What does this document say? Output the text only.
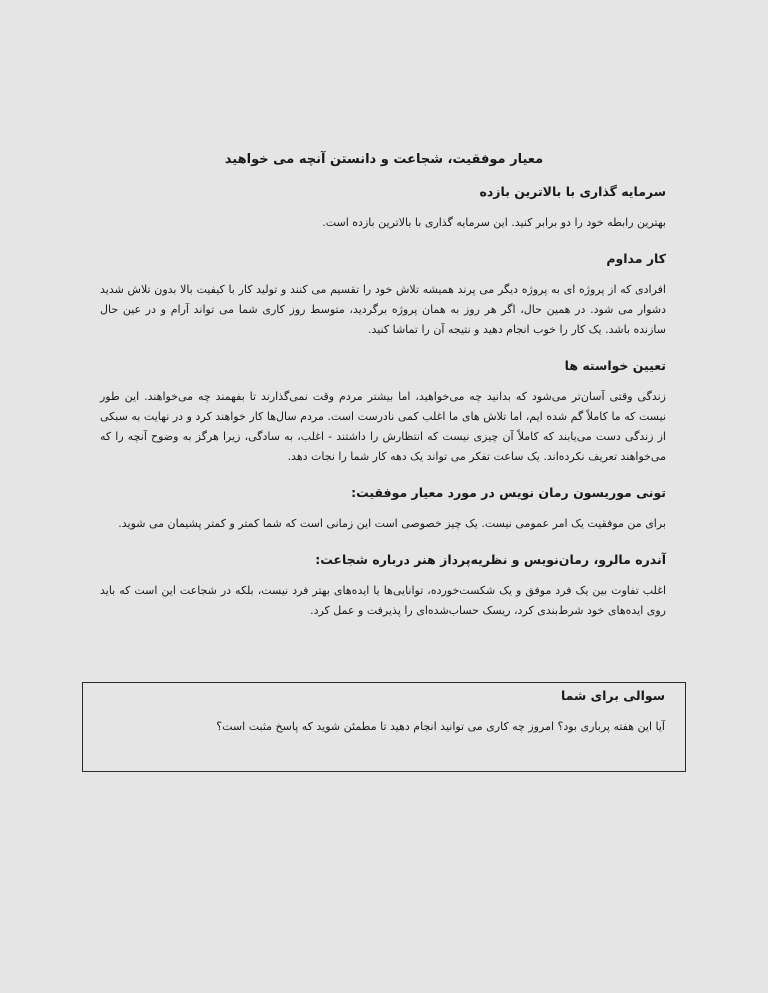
معیار موفقیت، شجاعت و دانستن آنچه می خواهید

سرمایه گذاری با بالاترین بازده

بهترین رابطه خود را دو برابر کنید. این سرمایه گذاری با بالاترین بازده است.

کار مداوم

افرادی که از پروژه ای به پروژه دیگر می پرند همیشه تلاش خود را تقسیم می کنند و تولید کار با کیفیت بالا بدون تلاش شدید دشوار می شود. در همین حال، اگر هر روز به همان پروژه برگردید، متوسط روز کاری شما می تواند آرام و در عین حال سازنده باشد. یک کار را خوب انجام دهید و نتیجه آن را تماشا کنید.

تعیین خواسته ها

زندگی وقتی آسان‌تر می‌شود که بدانید چه می‌خواهید، اما بیشتر مردم وقت نمی‌گذارند تا بفهمند چه می‌خواهند. این طور نیست که ما کاملاً گم شده ایم، اما تلاش های ما اغلب کمی نادرست است. مردم سال‌ها کار خواهند کرد و در نهایت به سبکی از زندگی دست می‌یابند که کاملاً آن چیزی نیست که انتظارش را داشتند - اغلب، به سادگی، زیرا هرگز به وضوح آنچه را که می‌خواهند تعریف نکرده‌اند. یک ساعت تفکر می تواند یک دهه کار شما را نجات دهد.

تونی موریسون رمان نویس در مورد معیار موفقیت:

برای من موفقیت یک امر عمومی نیست. یک چیز خصوصی است این زمانی است که شما کمتر و کمتر پشیمان می شوید.

آندره مالرو، رمان‌نویس و نظریه‌پرداز هنر درباره شجاعت:

اغلب تفاوت بین یک فرد موفق و یک شکست‌خورده، توانایی‌ها یا ایده‌های بهتر فرد نیست، بلکه در شجاعت این است که باید روی ایده‌های خود شرط‌بندی کرد، ریسک حساب‌شده‌ای را پذیرفت و عمل کرد.

سوالی برای شما

آیا این هفته پرباری بود؟ امروز چه کاری می توانید انجام دهید تا مطمئن شوید که پاسخ مثبت است؟
